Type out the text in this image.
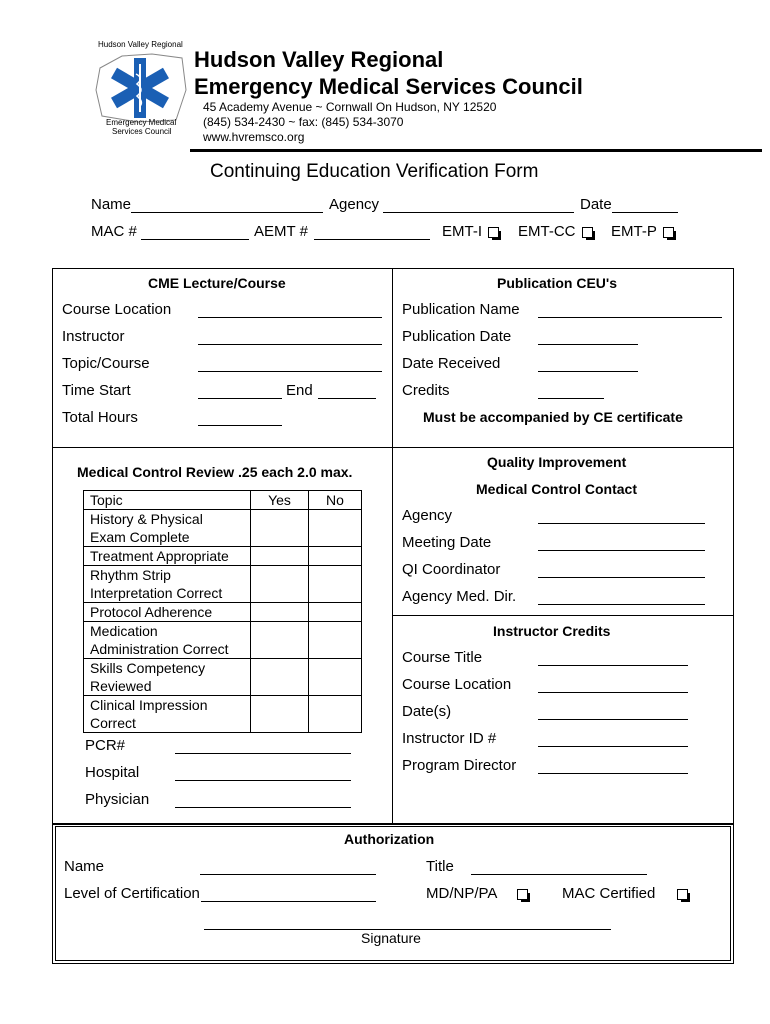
Hudson Valley Regional
Emergency Medical
Services Council
Hudson Valley Regional
Emergency Medical Services Council
45 Academy Avenue ~ Cornwall On Hudson, NY 12520
(845) 534-2430 ~ fax: (845) 534-3070
www.hvremsco.org
Continuing Education Verification Form
Name	Agency	Date
MAC #	AEMT #	EMT-I	EMT-CC	EMT-P
CME Lecture/Course
Course Location
Instructor
Topic/Course
Time Start	End
Total Hours
Publication CEU's
Publication Name
Publication Date
Date Received
Credits
Must be accompanied by CE certificate
Medical Control Review .25 each 2.0 max.
Topic	Yes	No

History & Physical
Exam Complete		

Treatment Appropriate		

Rhythm Strip
Interpretation Correct		

Protocol Adherence		

Medication
Administration Correct		

Skills Competency
Reviewed		

Clinical Impression
Correct		

PCR#
Hospital
Physician
Quality Improvement
Medical Control Contact
Agency
Meeting Date
QI Coordinator
Agency Med. Dir.
Instructor Credits
Course Title
Course Location
Date(s)
Instructor ID #
Program Director
Authorization
Name	Title
Level of Certification	MD/NP/PA	MAC Certified
Signature
